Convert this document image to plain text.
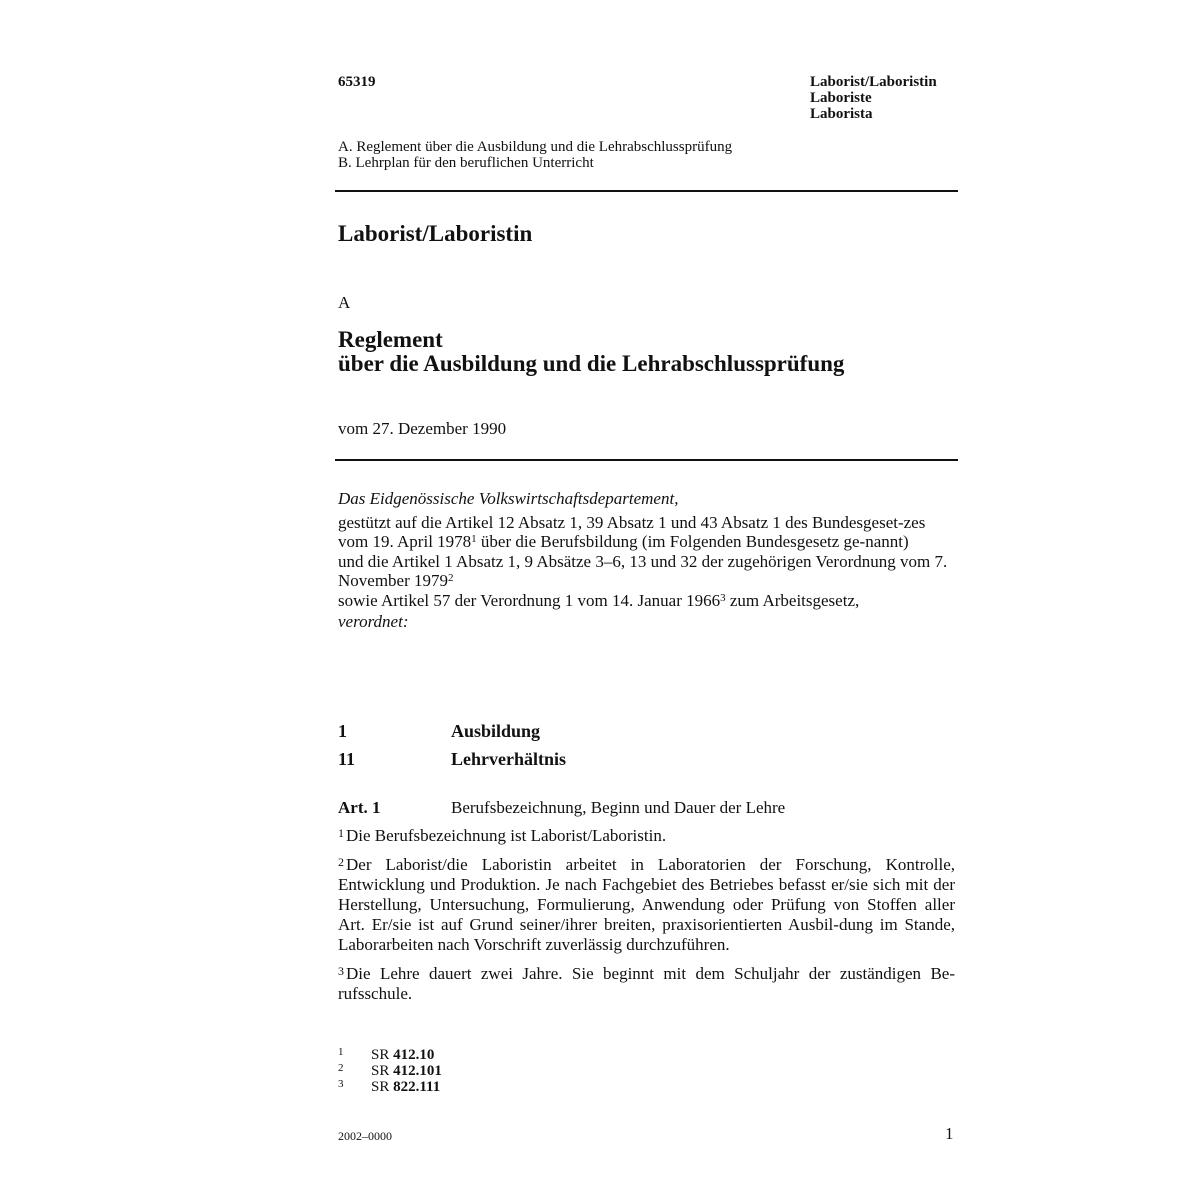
65319	Laborist/Laboristin
Laboriste
Laborista
A. Reglement über die Ausbildung und die Lehrabschlussprüfung
B. Lehrplan für den beruflichen Unterricht
Laborist/Laboristin
A
Reglement
über die Ausbildung und die Lehrabschlussprüfung
vom 27. Dezember 1990

Das Eidgenössische Volkswirtschaftsdepartement,

gestützt auf die Artikel 12 Absatz 1, 39 Absatz 1 und 43 Absatz 1 des Bundesgeset-zes vom 19. April 1978$^1$ über die Berufsbildung (im Folgenden Bundesgesetz ge-nannt)

und die Artikel 1 Absatz 1, 9 Absätze 3–6, 13 und 32 der zugehörigen Verordnung vom 7. November 1979$^2$

sowie Artikel 57 der Verordnung 1 vom 14. Januar 1966$^3$ zum Arbeitsgesetz,

verordnet:

1	Ausbildung
11	Lehrverhältnis
Art. 1	Berufsbezeichnung, Beginn und Dauer der Lehre
$^1$ Die Berufsbezeichnung ist Laborist/Laboristin.
$^2$ Der Laborist/die Laboristin arbeitet in Laboratorien der Forschung, Kontrolle, Entwicklung und Produktion. Je nach Fachgebiet des Betriebes befasst er/sie sich mit der Herstellung, Untersuchung, Formulierung, Anwendung oder Prüfung von Stoffen aller Art. Er/sie ist auf Grund seiner/ihrer breiten, praxisorientierten Ausbil-dung im Stande, Laborarbeiten nach Vorschrift zuverlässig durchzuführen.
$^3$ Die Lehre dauert zwei Jahre. Sie beginnt mit dem Schuljahr der zuständigen Be-rufsschule.
1 SR 412.10
2 SR 412.101
3 SR 822.111
2002–0000	1
